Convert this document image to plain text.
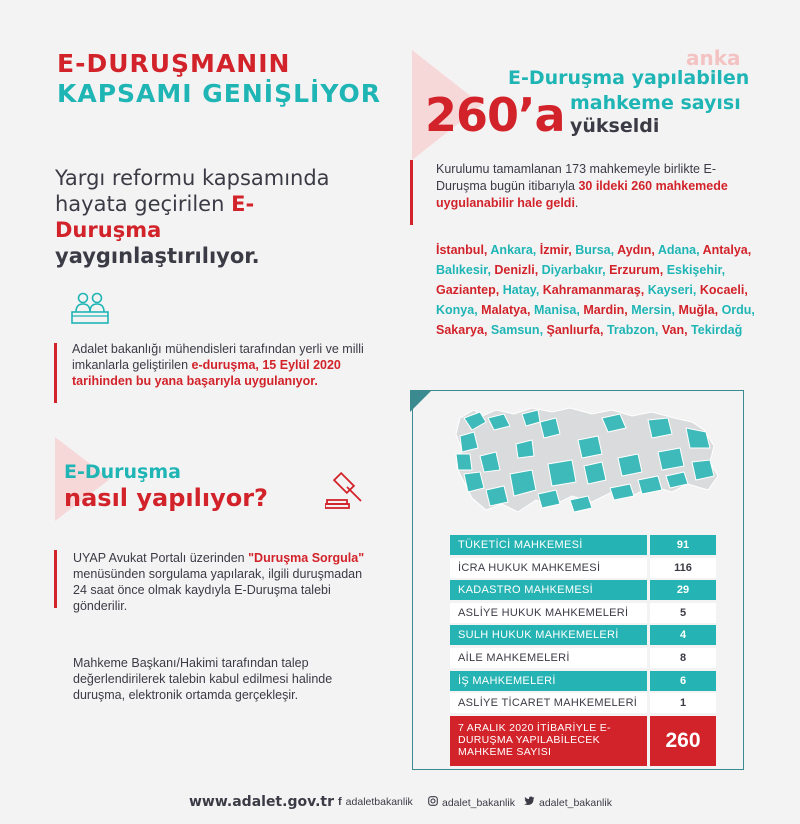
E-DURUŞMANIN
KAPSAMI GENİŞLİYOR
anka
E-Duruşma yapılabilen
260’a mahkeme sayısı
yükseldi
Yargı reformu kapsamında hayata geçirilen E-Duruşma yaygınlaştırılıyor.
Adalet bakanlığı mühendisleri tarafından yerli ve milli imkanlarla geliştirilen e-duruşma, 15 Eylül 2020 tarihinden bu yana başarıyla uygulanıyor.
E-Duruşma
nasıl yapılıyor?
UYAP Avukat Portalı üzerinden "Duruşma Sorgula" menüsünden sorgulama yapılarak, ilgili duruşmadan 24 saat önce olmak kaydıyla E-Duruşma talebi gönderilir.
Mahkeme Başkanı/Hakimi tarafından talep değerlendirilerek talebin kabul edilmesi halinde duruşma, elektronik ortamda gerçekleşir.
Kurulumu tamamlanan 173 mahkemeyle birlikte E-Duruşma bugün itibarıyla 30 ildeki 260 mahkemede uygulanabilir hale geldi.
İstanbul, Ankara, İzmir, Bursa, Aydın, Adana, Antalya, Balıkesir, Denizli, Diyarbakır, Erzurum, Eskişehir, Gaziantep, Hatay, Kahramanmaraş, Kayseri, Kocaeli, Konya, Malatya, Manisa, Mardin, Mersin, Muğla, Ordu, Sakarya, Samsun, Şanlıurfa, Trabzon, Van, Tekirdağ
TÜKETİCİ MAHKEMESİ	91
İCRA HUKUK MAHKEMESİ	116
KADASTRO MAHKEMESİ	29
ASLİYE HUKUK MAHKEMELERİ	5
SULH HUKUK MAHKEMELERİ	4
AİLE MAHKEMELERİ	8
İŞ MAHKEMELERİ	6
ASLİYE TİCARET MAHKEMELERİ	1
7 ARALIK 2020 İTİBARİYLE E-DURUŞMA YAPILABİLECEK MAHKEME SAYISI	260
www.adalet.gov.tr f adaletbakanlik	adalet_bakanlik adalet_bakanlik
